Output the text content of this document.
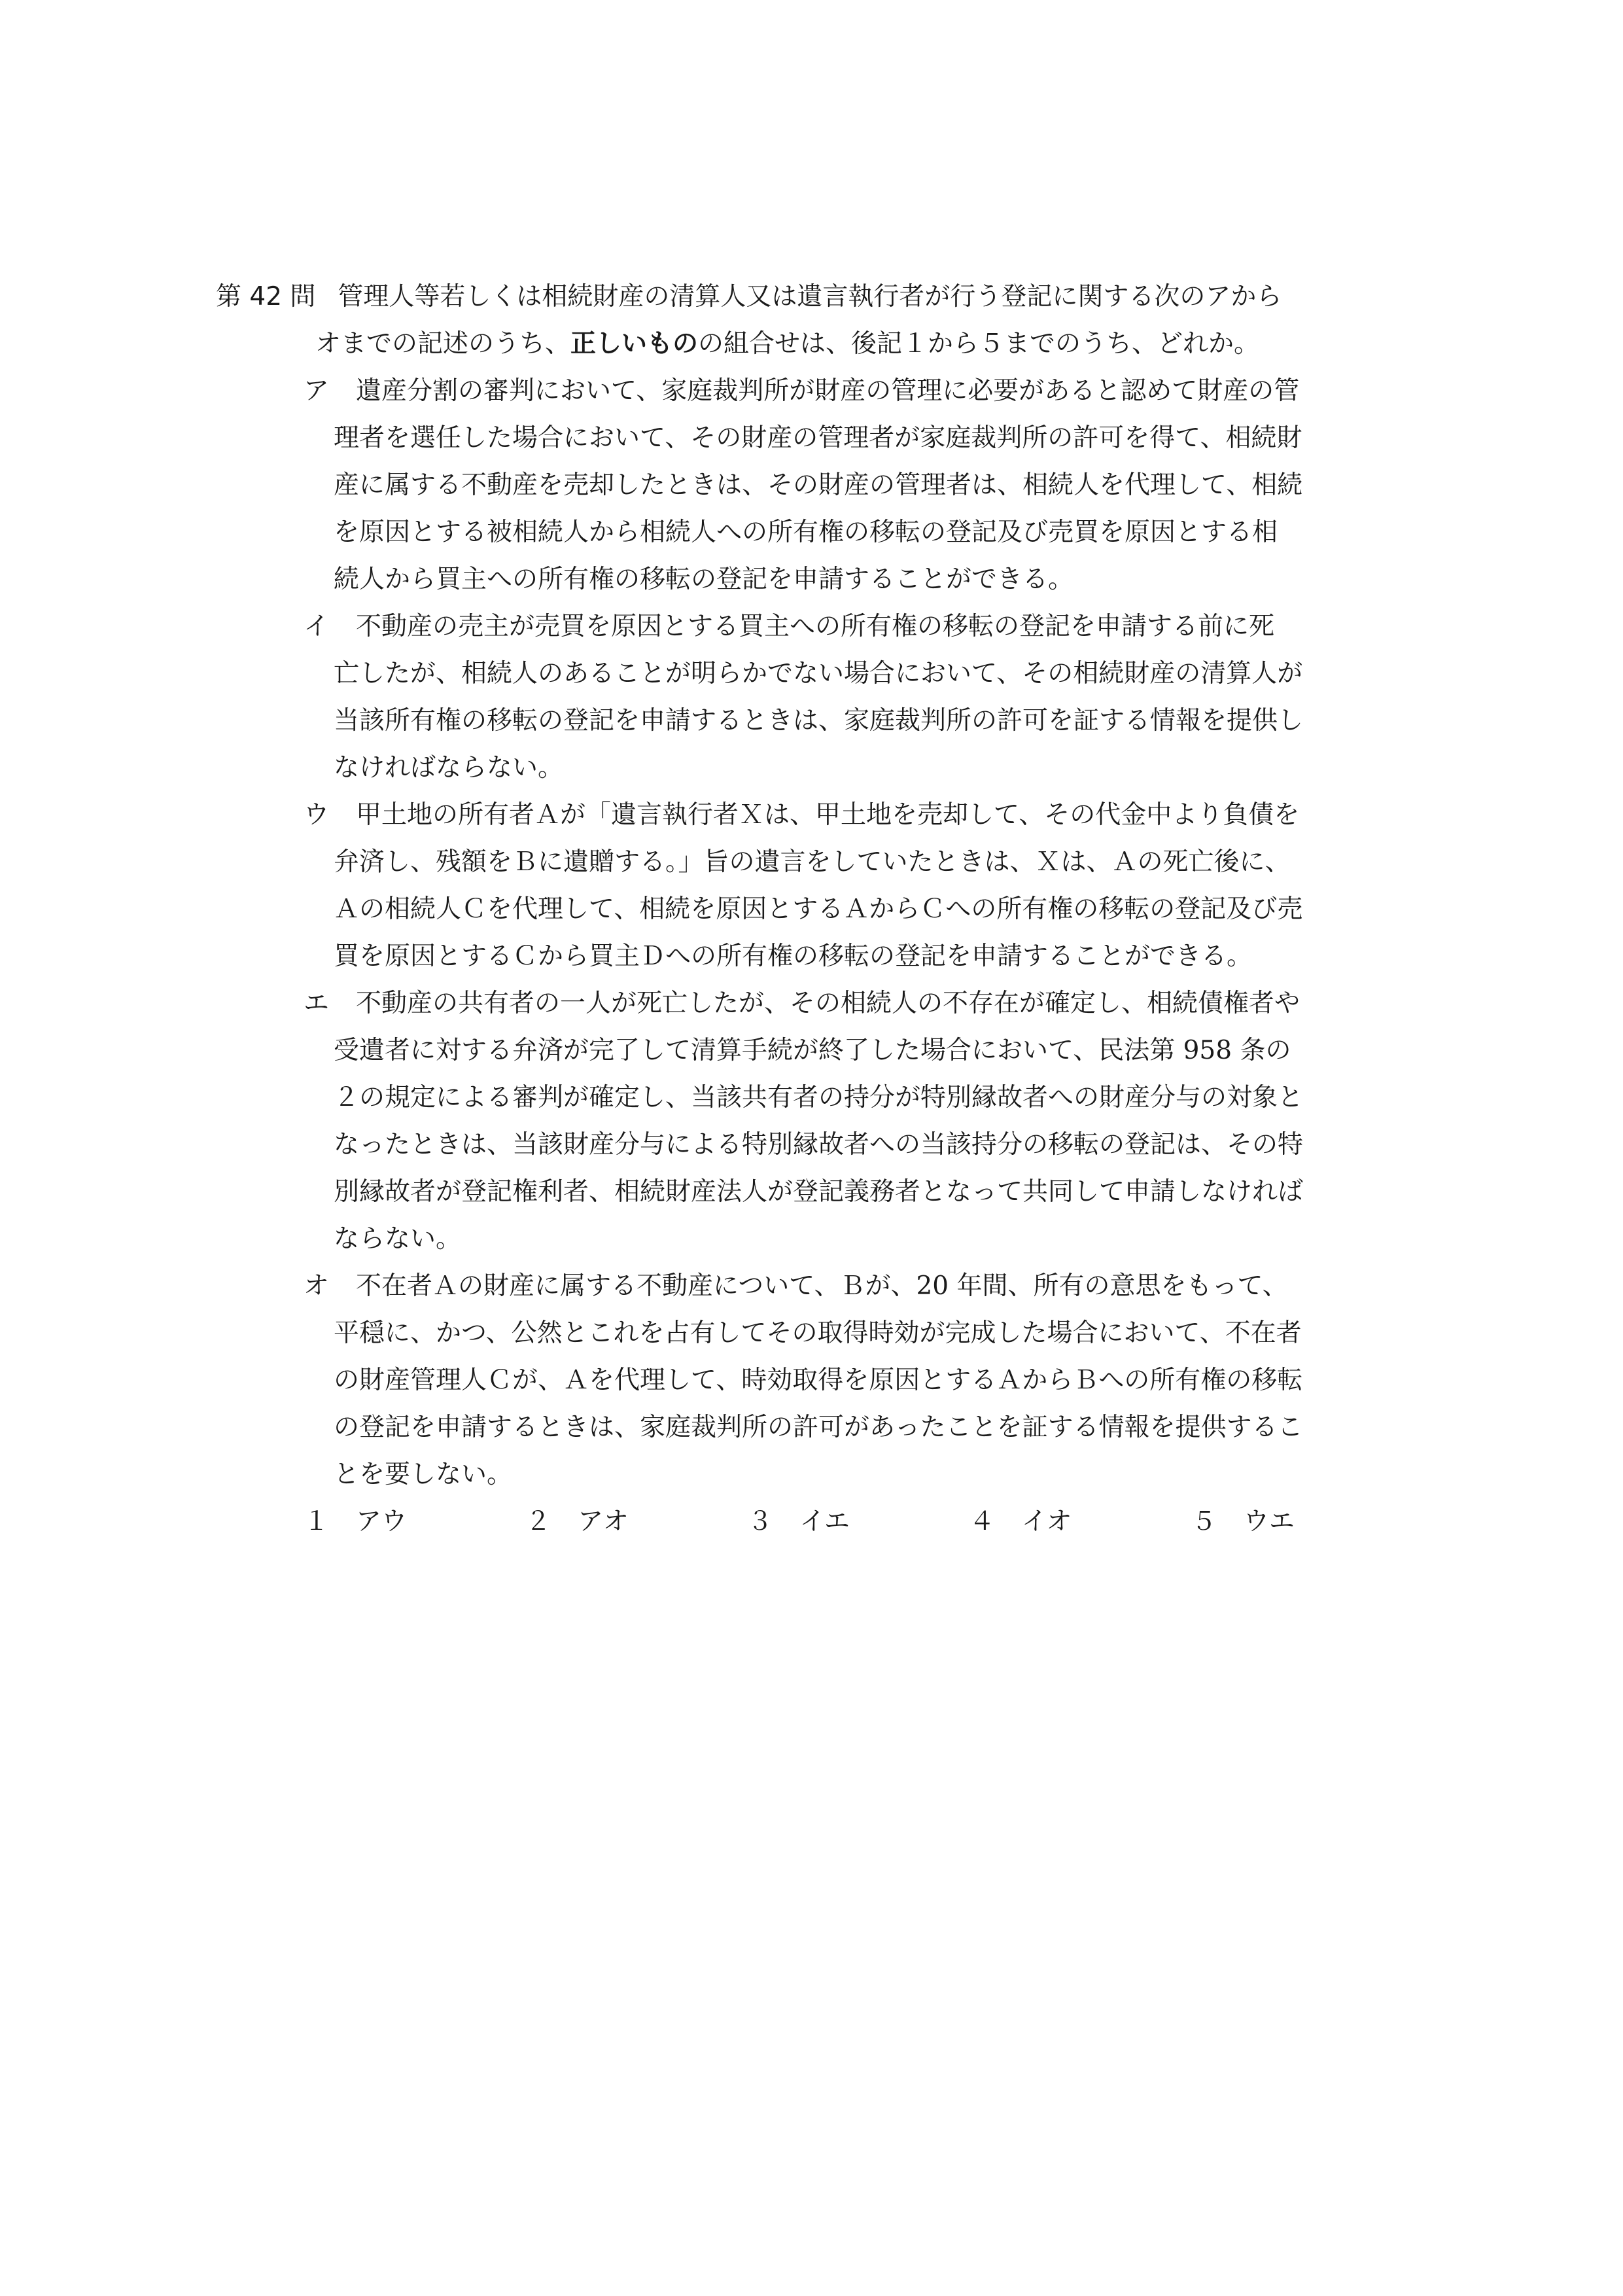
第 42 問 管理人等若しくは相続財産の清算人又は遺言執行者が行う登記に関する次のアから
オまでの記述のうち、正しいものの組合せは、後記１から５までのうち、どれか。
ア 遺産分割の審判において、家庭裁判所が財産の管理に必要があると認めて財産の管
理者を選任した場合において、その財産の管理者が家庭裁判所の許可を得て、相続財
産に属する不動産を売却したときは、その財産の管理者は、相続人を代理して、相続
を原因とする被相続人から相続人への所有権の移転の登記及び売買を原因とする相
続人から買主への所有権の移転の登記を申請することができる。
イ 不動産の売主が売買を原因とする買主への所有権の移転の登記を申請する前に死
亡したが、相続人のあることが明らかでない場合において、その相続財産の清算人が
当該所有権の移転の登記を申請するときは、家庭裁判所の許可を証する情報を提供し
なければならない。
ウ 甲土地の所有者Ａが「遺言執行者Ｘは、甲土地を売却して、その代金中より負債を
弁済し、残額をＢに遺贈する。」旨の遺言をしていたときは、Ｘは、Ａの死亡後に、
Ａの相続人Ｃを代理して、相続を原因とするＡからＣへの所有権の移転の登記及び売
買を原因とするＣから買主Ｄへの所有権の移転の登記を申請することができる。
エ 不動産の共有者の一人が死亡したが、その相続人の不存在が確定し、相続債権者や
受遺者に対する弁済が完了して清算手続が終了した場合において、民法第 958 条の
２の規定による審判が確定し、当該共有者の持分が特別縁故者への財産分与の対象と
なったときは、当該財産分与による特別縁故者への当該持分の移転の登記は、その特
別縁故者が登記権利者、相続財産法人が登記義務者となって共同して申請しなければ
ならない。
オ 不在者Ａの財産に属する不動産について、Ｂが、20 年間、所有の意思をもって、
平穏に、かつ、公然とこれを占有してその取得時効が完成した場合において、不在者
の財産管理人Ｃが、Ａを代理して、時効取得を原因とするＡからＢへの所有権の移転
の登記を申請するときは、家庭裁判所の許可があったことを証する情報を提供するこ
とを要しない。
１ アウ	２ アオ	３ イエ	４ イオ	５ ウエ
